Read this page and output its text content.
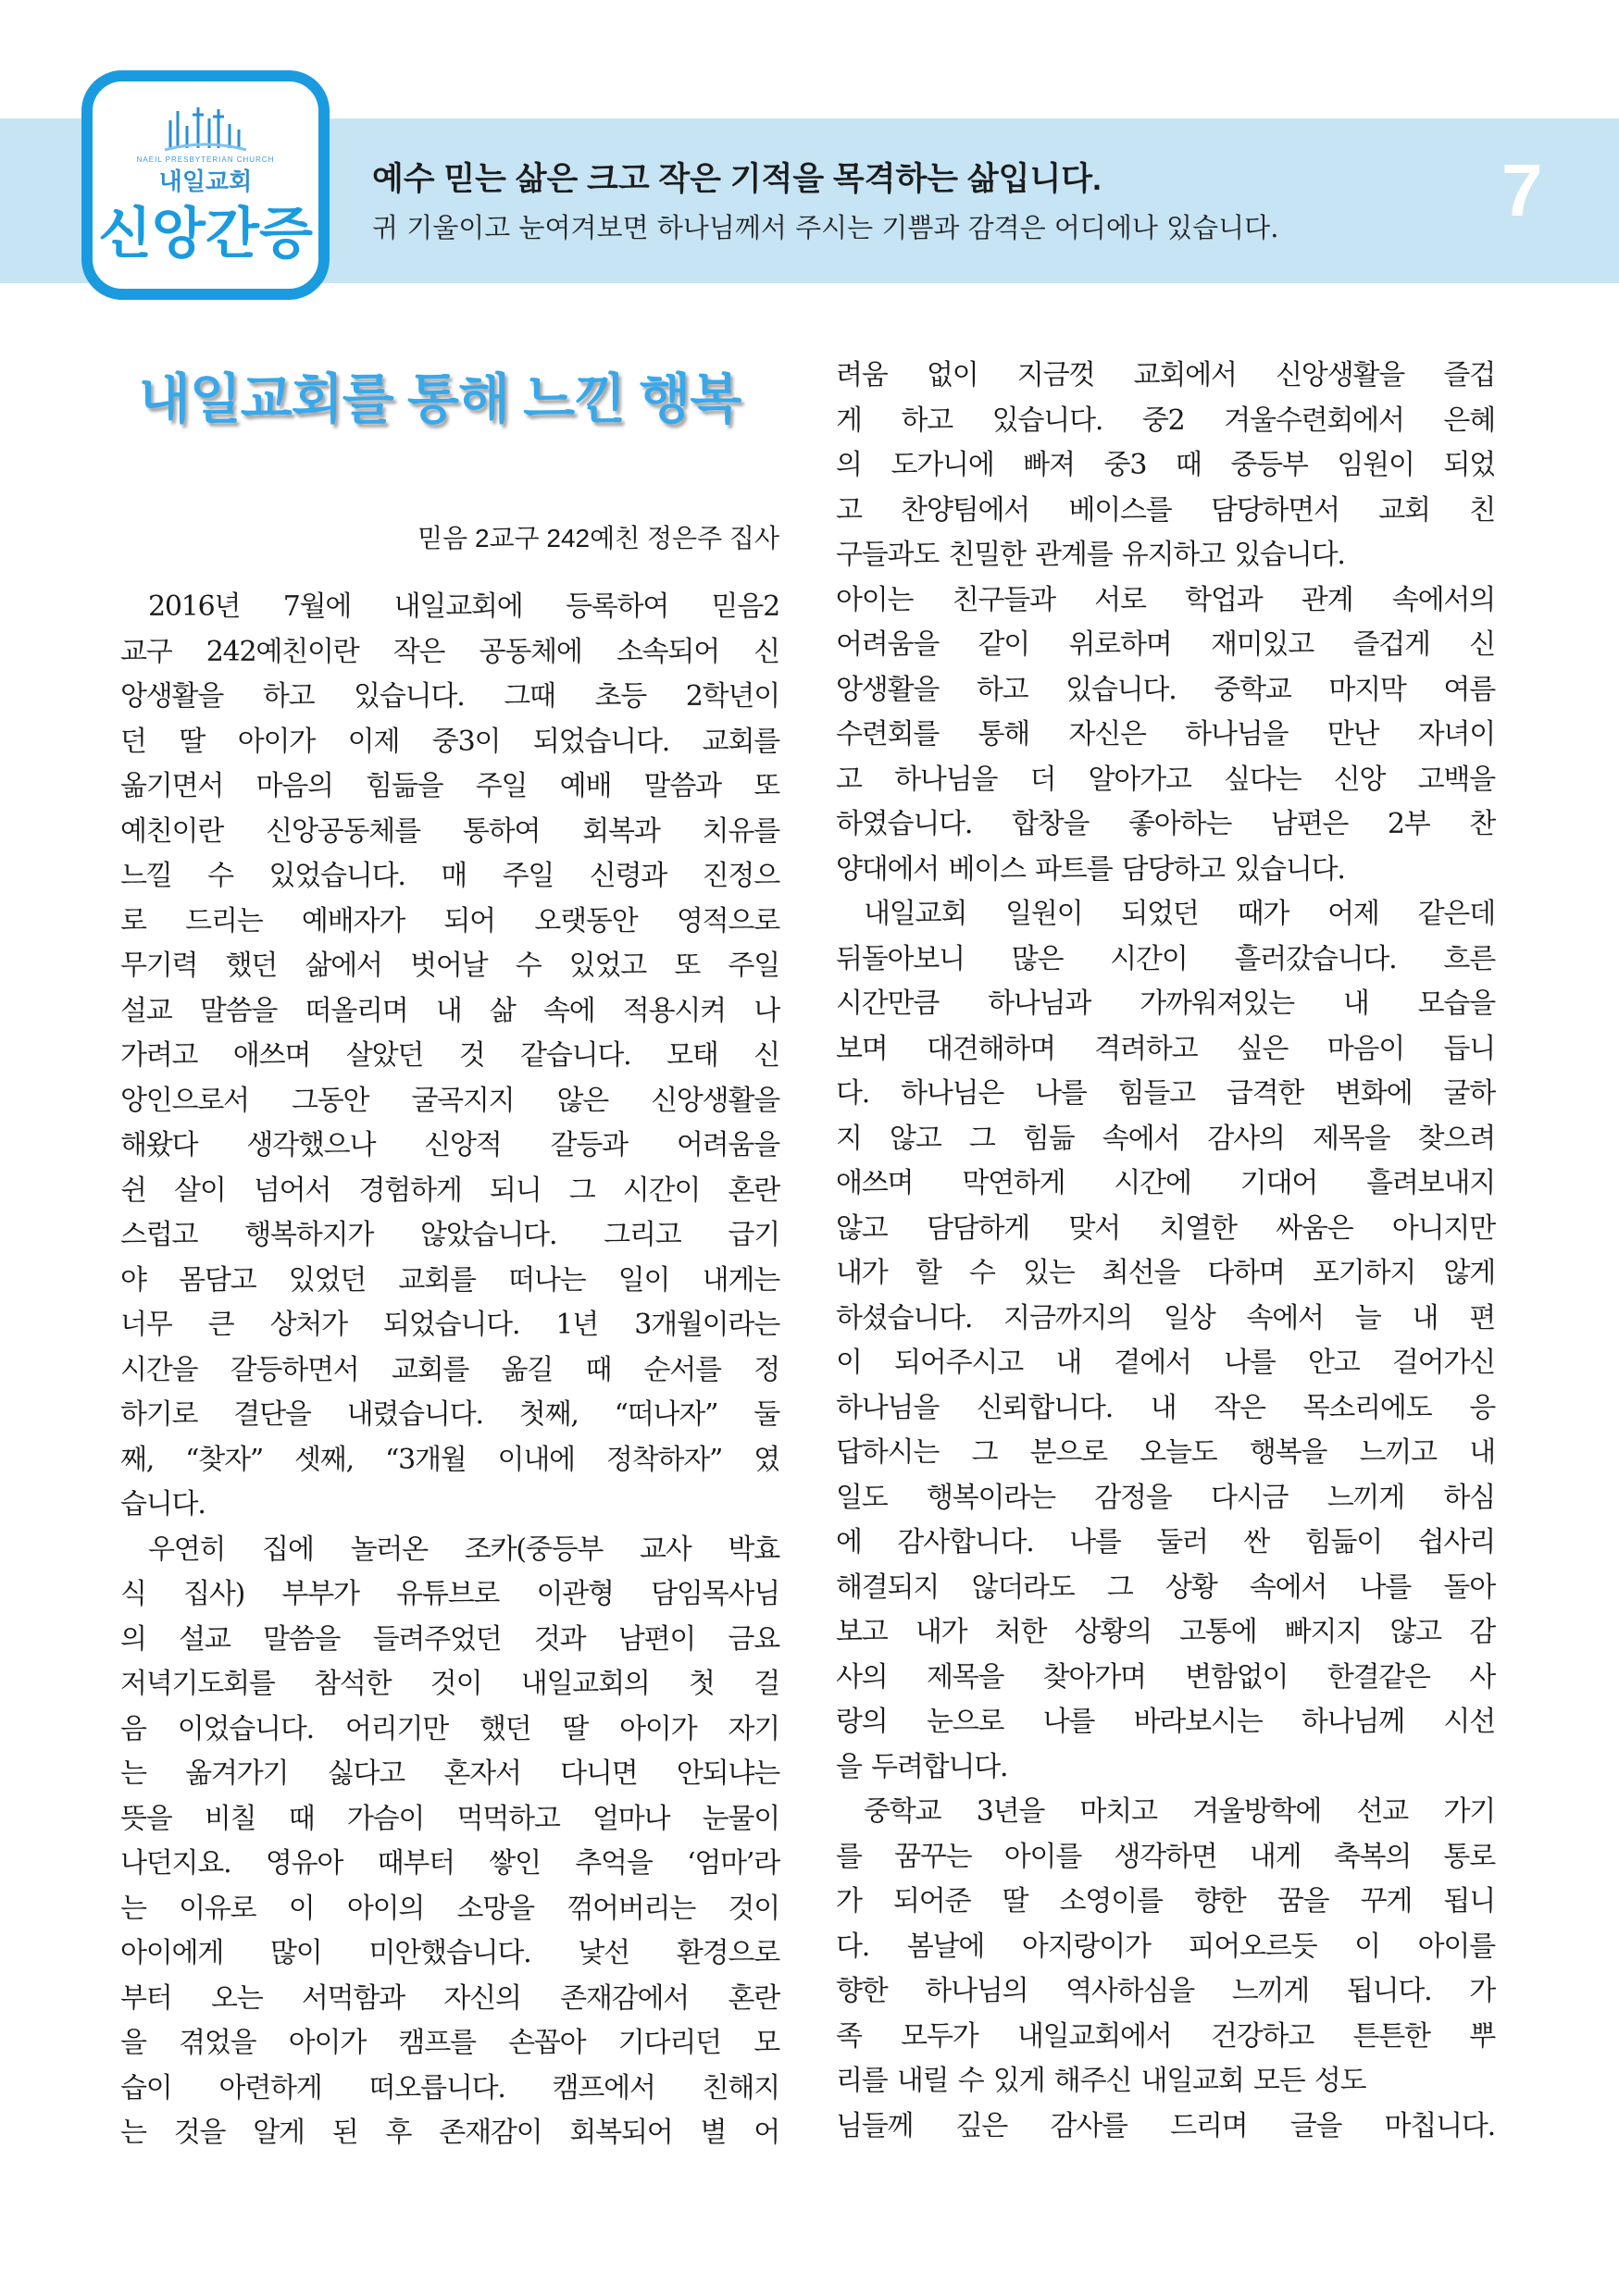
예수 믿는 삶은 크고 작은 기적을 목격하는 삶입니다.
귀 기울이고 눈여겨보면 하나님께서 주시는 기쁨과 감격은 어디에나 있습니다.	7
NAEIL PRESBYTERIAN CHURCH
내일교회
신앙간증
내일교회를 통해 느낀 행복
믿음 2교구 242예친 정은주 집사

2016년 7월에 내일교회에 등록하여 믿음2

교구 242예친이란 작은 공동체에 소속되어 신

앙생활을 하고 있습니다. 그때 초등 2학년이

던 딸 아이가 이제 중3이 되었습니다. 교회를

옮기면서 마음의 힘듦을 주일 예배 말씀과 또

예친이란 신앙공동체를 통하여 회복과 치유를

느낄 수 있었습니다. 매 주일 신령과 진정으

로 드리는 예배자가 되어 오랫동안 영적으로

무기력 했던 삶에서 벗어날 수 있었고 또 주일

설교 말씀을 떠올리며 내 삶 속에 적용시켜 나

가려고 애쓰며 살았던 것 같습니다. 모태 신

앙인으로서 그동안 굴곡지지 않은 신앙생활을

해왔다 생각했으나 신앙적 갈등과 어려움을

쉰 살이 넘어서 경험하게 되니 그 시간이 혼란

스럽고 행복하지가 않았습니다. 그리고 급기

야 몸담고 있었던 교회를 떠나는 일이 내게는

너무 큰 상처가 되었습니다. 1년 3개월이라는

시간을 갈등하면서 교회를 옮길 때 순서를 정

하기로 결단을 내렸습니다. 첫째, “떠나자” 둘

째, “찾자” 셋째, “3개월 이내에 정착하자” 였

습니다.

우연히 집에 놀러온 조카(중등부 교사 박효

식 집사) 부부가 유튜브로 이관형 담임목사님

의 설교 말씀을 들려주었던 것과 남편이 금요

저녁기도회를 참석한 것이 내일교회의 첫 걸

음 이었습니다. 어리기만 했던 딸 아이가 자기

는 옮겨가기 싫다고 혼자서 다니면 안되냐는

뜻을 비칠 때 가슴이 먹먹하고 얼마나 눈물이

나던지요. 영유아 때부터 쌓인 추억을 ‘엄마’라

는 이유로 이 아이의 소망을 꺾어버리는 것이

아이에게 많이 미안했습니다. 낯선 환경으로

부터 오는 서먹함과 자신의 존재감에서 혼란

을 겪었을 아이가 캠프를 손꼽아 기다리던 모

습이 아련하게 떠오릅니다. 캠프에서 친해지

는 것을 알게 된 후 존재감이 회복되어 별 어

려움 없이 지금껏 교회에서 신앙생활을 즐겁

게 하고 있습니다. 중2 겨울수련회에서 은혜

의 도가니에 빠져 중3 때 중등부 임원이 되었

고 찬양팀에서 베이스를 담당하면서 교회 친

구들과도 친밀한 관계를 유지하고 있습니다.

아이는 친구들과 서로 학업과 관계 속에서의

어려움을 같이 위로하며 재미있고 즐겁게 신

앙생활을 하고 있습니다. 중학교 마지막 여름

수련회를 통해 자신은 하나님을 만난 자녀이

고 하나님을 더 알아가고 싶다는 신앙 고백을

하였습니다. 합창을 좋아하는 남편은 2부 찬

양대에서 베이스 파트를 담당하고 있습니다.

내일교회 일원이 되었던 때가 어제 같은데

뒤돌아보니 많은 시간이 흘러갔습니다. 흐른

시간만큼 하나님과 가까워져있는 내 모습을

보며 대견해하며 격려하고 싶은 마음이 듭니

다. 하나님은 나를 힘들고 급격한 변화에 굴하

지 않고 그 힘듦 속에서 감사의 제목을 찾으려

애쓰며 막연하게 시간에 기대어 흘려보내지

않고 담담하게 맞서 치열한 싸움은 아니지만

내가 할 수 있는 최선을 다하며 포기하지 않게

하셨습니다. 지금까지의 일상 속에서 늘 내 편

이 되어주시고 내 곁에서 나를 안고 걸어가신

하나님을 신뢰합니다. 내 작은 목소리에도 응

답하시는 그 분으로 오늘도 행복을 느끼고 내

일도 행복이라는 감정을 다시금 느끼게 하심

에 감사합니다. 나를 둘러 싼 힘듦이 쉽사리

해결되지 않더라도 그 상황 속에서 나를 돌아

보고 내가 처한 상황의 고통에 빠지지 않고 감

사의 제목을 찾아가며 변함없이 한결같은 사

랑의 눈으로 나를 바라보시는 하나님께 시선

을 두려합니다.

중학교 3년을 마치고 겨울방학에 선교 가기

를 꿈꾸는 아이를 생각하면 내게 축복의 통로

가 되어준 딸 소영이를 향한 꿈을 꾸게 됩니

다. 봄날에 아지랑이가 피어오르듯 이 아이를

향한 하나님의 역사하심을 느끼게 됩니다. 가

족 모두가 내일교회에서 건강하고 튼튼한 뿌

리를 내릴 수 있게 해주신 내일교회 모든 성도

님들께 깊은 감사를 드리며 글을 마칩니다.
